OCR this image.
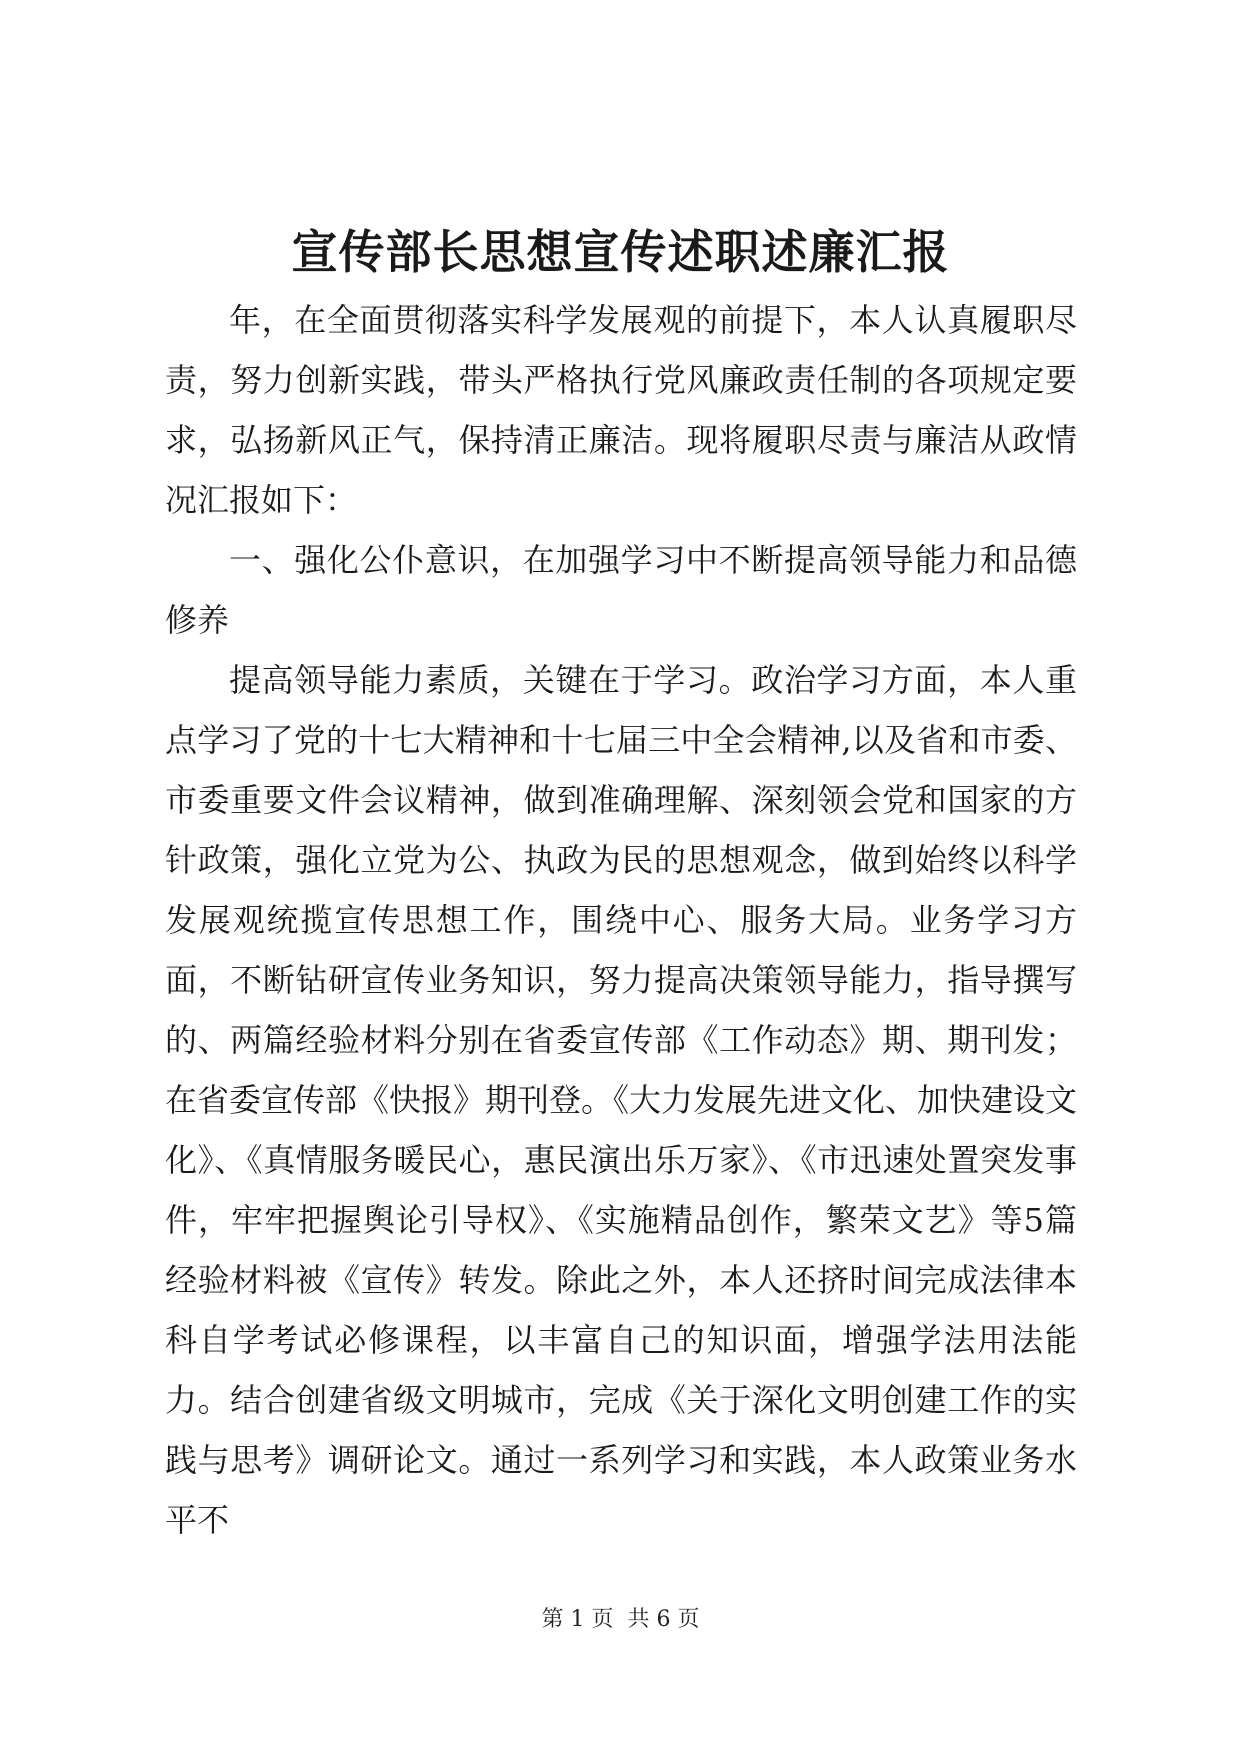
宣传部长思想宣传述职述廉汇报

年，在全面贯彻落实科学发展观的前提下，本人认真履职尽责，努力创新实践，带头严格执行党风廉政责任制的各项规定要求，弘扬新风正气，保持清正廉洁。现将履职尽责与廉洁从政情况汇报如下：

一、强化公仆意识，在加强学习中不断提高领导能力和品德修养

提高领导能力素质，关键在于学习。政治学习方面，本人重点学习了党的十七大精神和十七届三中全会精神,以及省和市委、市委重要文件会议精神，做到准确理解、深刻领会党和国家的方针政策，强化立党为公、执政为民的思想观念，做到始终以科学发展观统揽宣传思想工作，围绕中心、服务大局。业务学习方面，不断钻研宣传业务知识，努力提高决策领导能力，指导撰写的、两篇经验材料分别在省委宣传部《工作动态》期、期刊发；在省委宣传部《快报》期刊登。《大力发展先进文化、加快建设文化》、《真情服务暖民心，惠民演出乐万家》、《市迅速处置突发事件，牢牢把握舆论引导权》、《实施精品创作，繁荣文艺》等5篇经验材料被《宣传》转发。除此之外，本人还挤时间完成法律本科自学考试必修课程，以丰富自己的知识面，增强学法用法能力。结合创建省级文明城市，完成《关于深化文明创建工作的实践与思考》调研论文。通过一系列学习和实践，本人政策业务水平不

第 1 页  共 6 页
